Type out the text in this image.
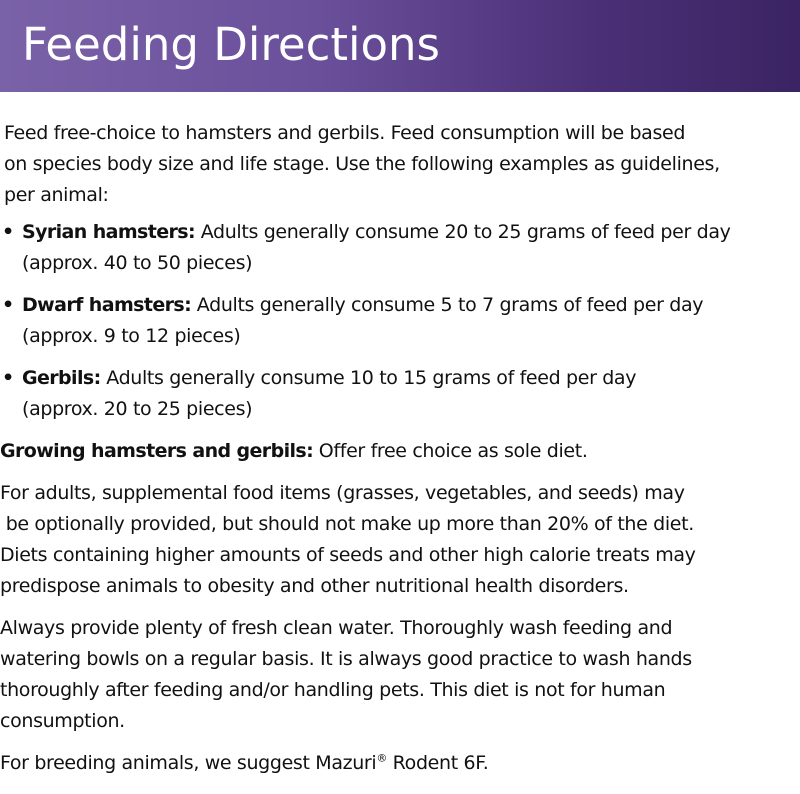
Feeding Directions
Feed free-choice to hamsters and gerbils. Feed consumption will be based
on species body size and life stage. Use the following examples as guidelines,
per animal:
• Syrian hamsters: Adults generally consume 20 to 25 grams of feed per day
(approx. 40 to 50 pieces)
• Dwarf hamsters: Adults generally consume 5 to 7 grams of feed per day
(approx. 9 to 12 pieces)
• Gerbils: Adults generally consume 10 to 15 grams of feed per day
(approx. 20 to 25 pieces)
Growing hamsters and gerbils: Offer free choice as sole diet.
For adults, supplemental food items (grasses, vegetables, and seeds) may
be optionally provided, but should not make up more than 20% of the diet.
Diets containing higher amounts of seeds and other high calorie treats may
predispose animals to obesity and other nutritional health disorders.
Always provide plenty of fresh clean water. Thoroughly wash feeding and
watering bowls on a regular basis. It is always good practice to wash hands
thoroughly after feeding and/or handling pets. This diet is not for human
consumption.
For breeding animals, we suggest Mazuri® Rodent 6F.
